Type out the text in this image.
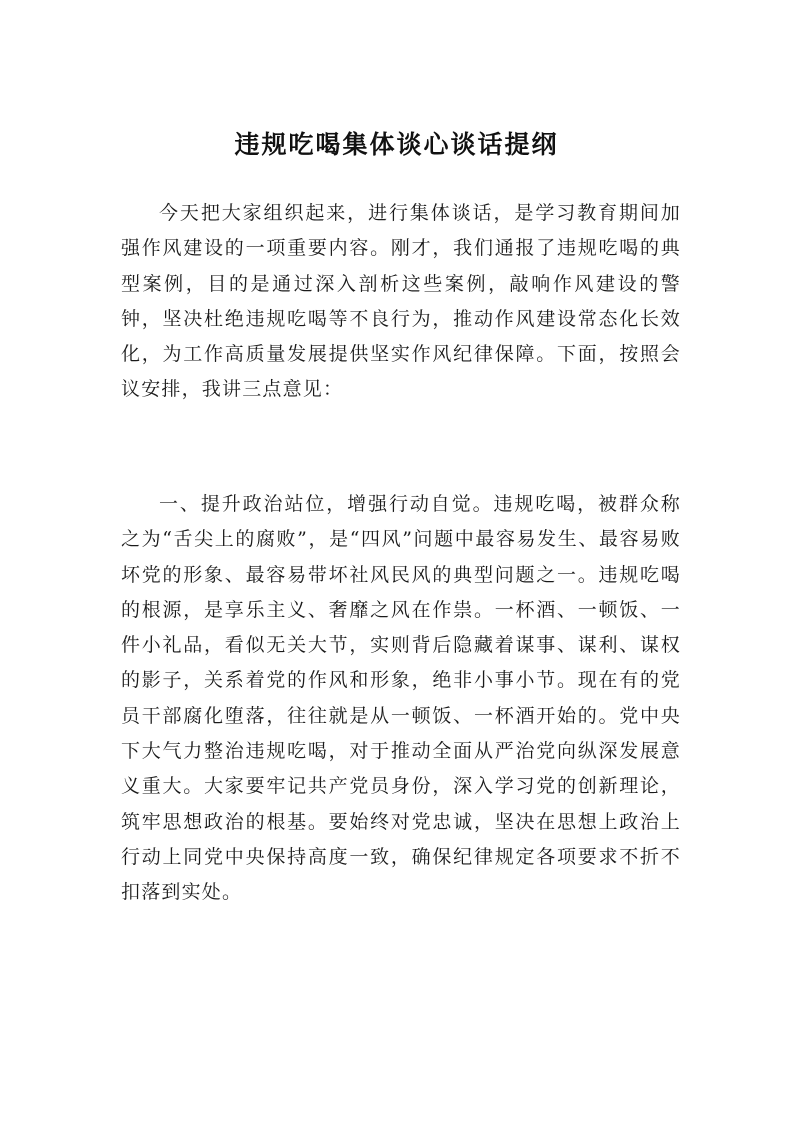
违规吃喝集体谈心谈话提纲

今天把大家组织起来，进行集体谈话，是学习教育期间加强作风建设的一项重要内容。刚才，我们通报了违规吃喝的典型案例，目的是通过深入剖析这些案例，敲响作风建设的警钟，坚决杜绝违规吃喝等不良行为，推动作风建设常态化长效化，为工作高质量发展提供坚实作风纪律保障。下面，按照会议安排，我讲三点意见：

一、提升政治站位，增强行动自觉。违规吃喝，被群众称之为“舌尖上的腐败”，是“四风”问题中最容易发生、最容易败坏党的形象、最容易带坏社风民风的典型问题之一。违规吃喝的根源，是享乐主义、奢靡之风在作祟。一杯酒、一顿饭、一件小礼品，看似无关大节，实则背后隐藏着谋事、谋利、谋权的影子，关系着党的作风和形象，绝非小事小节。现在有的党员干部腐化堕落，往往就是从一顿饭、一杯酒开始的。党中央下大气力整治违规吃喝，对于推动全面从严治党向纵深发展意义重大。大家要牢记共产党员身份，深入学习党的创新理论，筑牢思想政治的根基。要始终对党忠诚，坚决在思想上政治上行动上同党中央保持高度一致，确保纪律规定各项要求不折不扣落到实处。
